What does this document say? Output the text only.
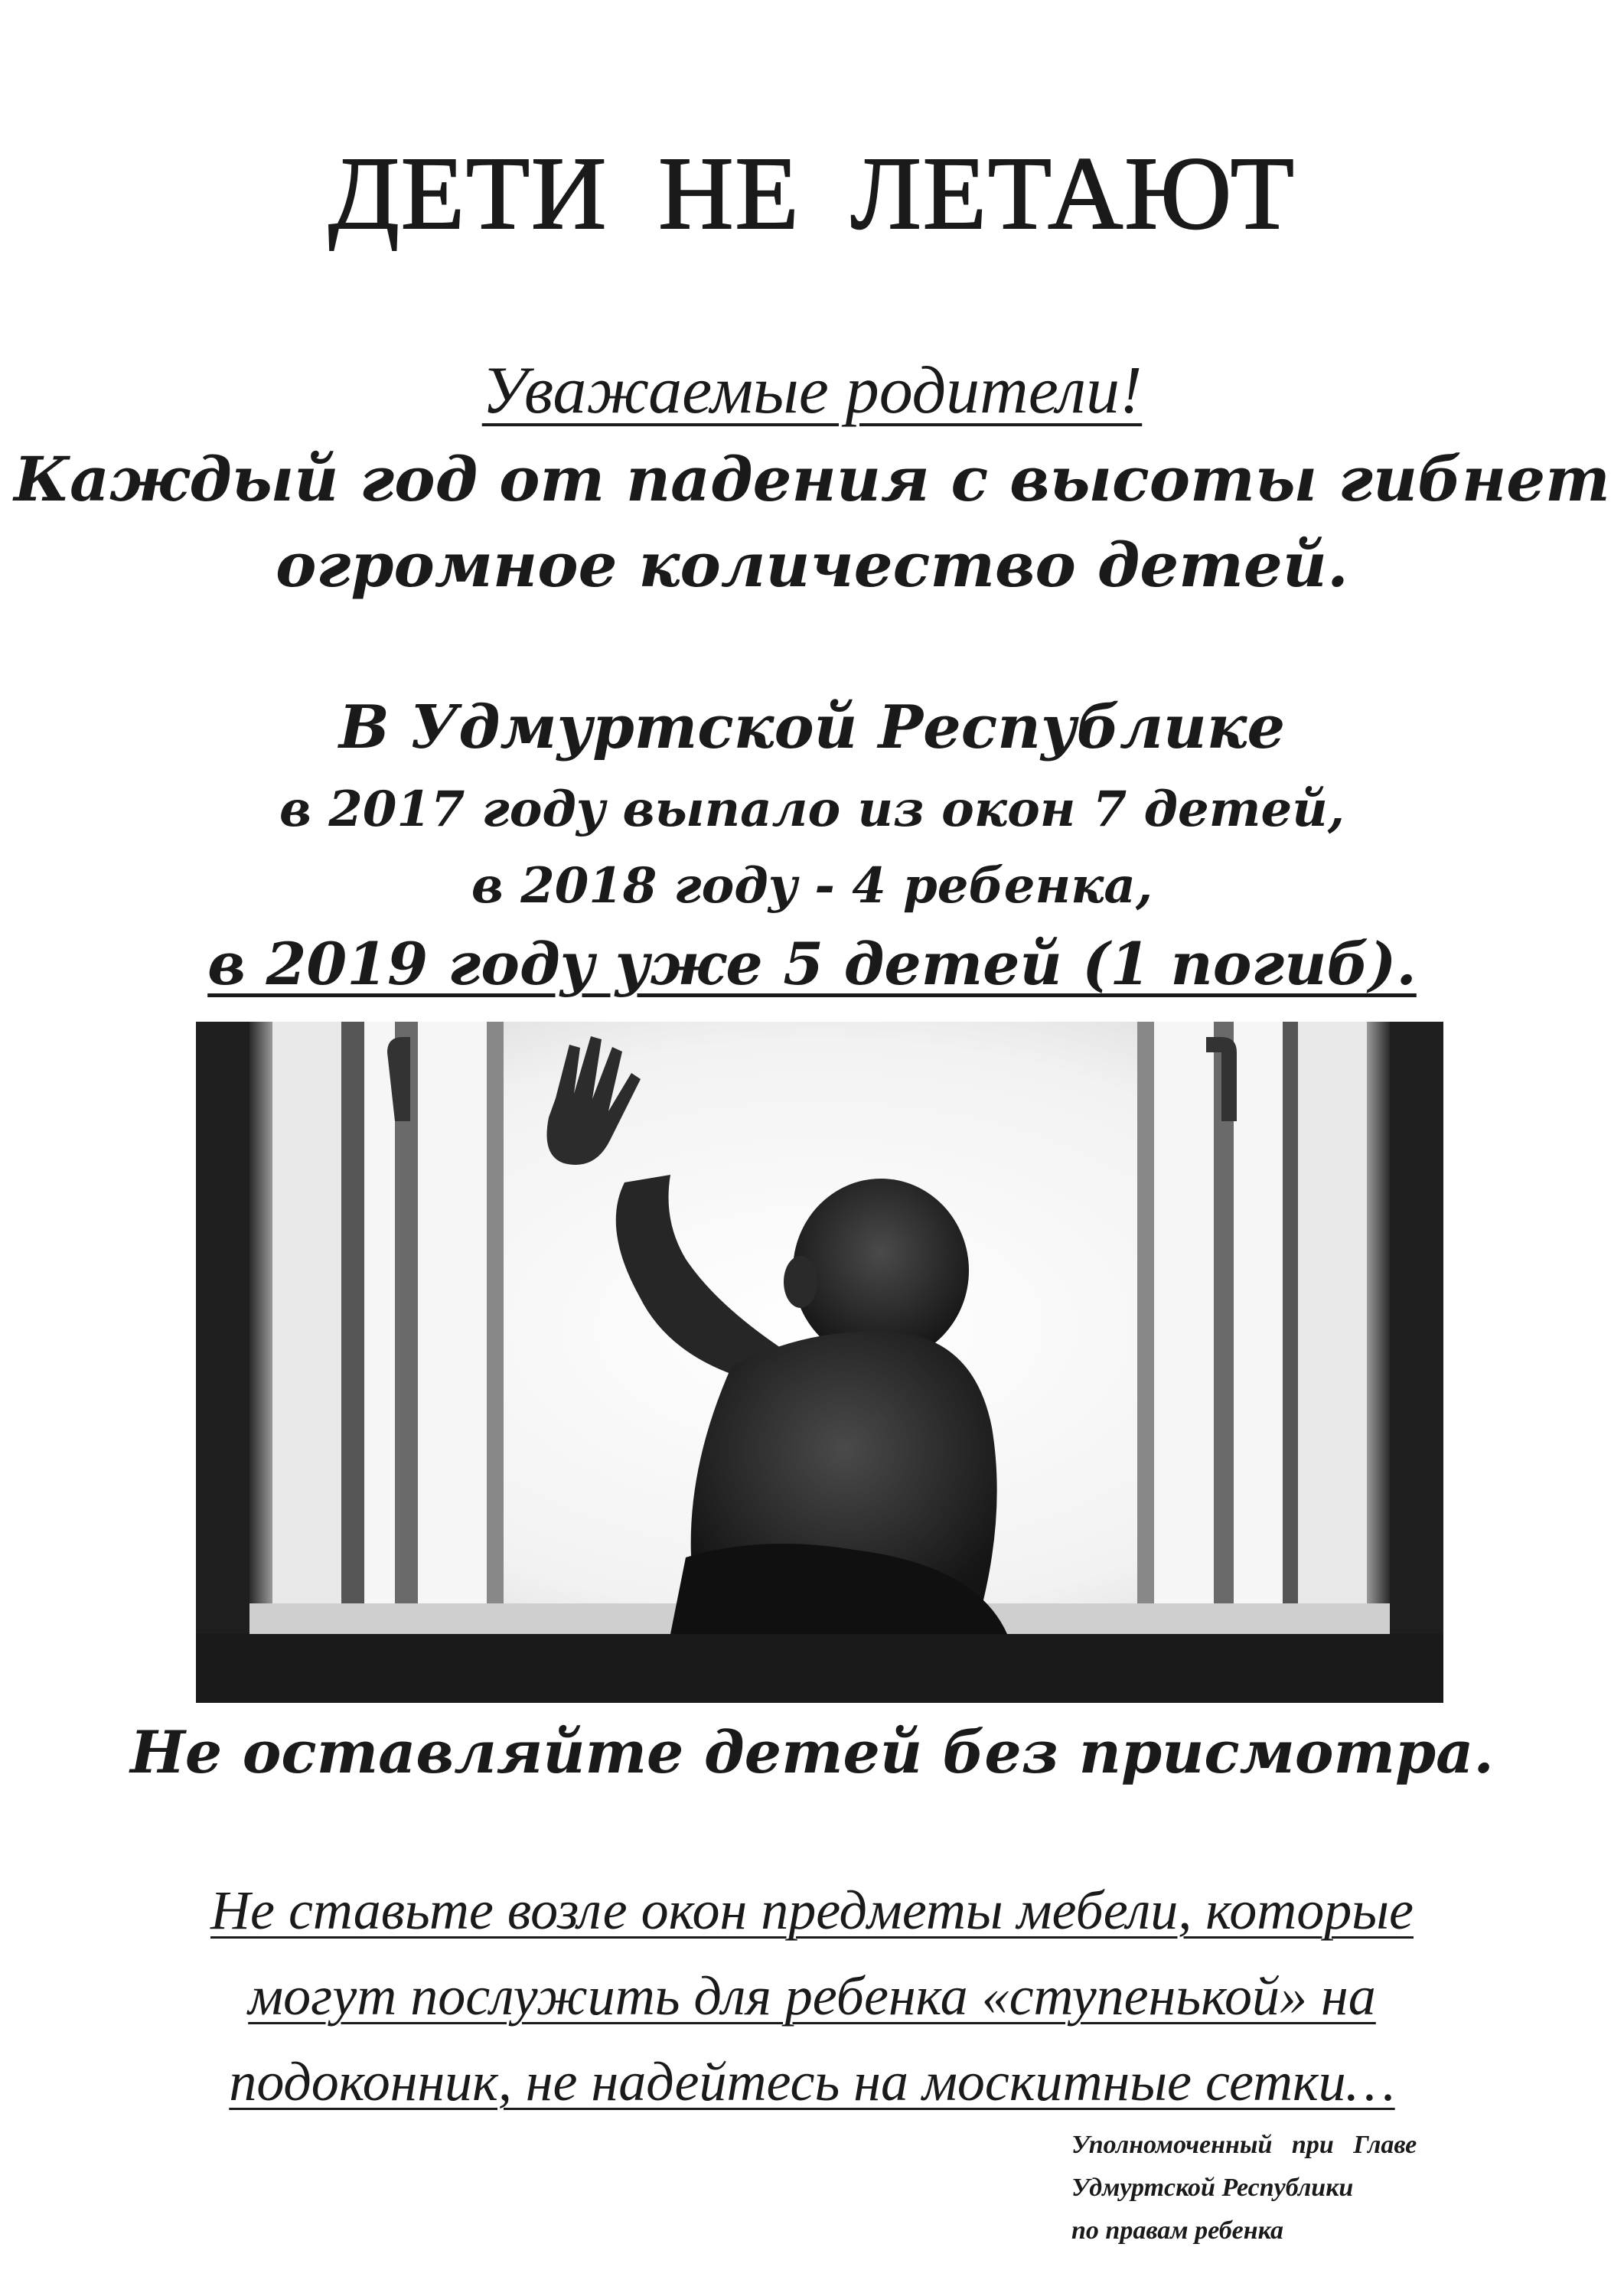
ДЕТИ НЕ ЛЕТАЮТ
Уважаемые родители!
Каждый год от падения с высоты гибнет
огромное количество детей.
В Удмуртской Республике
в 2017 году выпало из окон 7 детей,
в 2018 году - 4 ребенка,
в 2019 году уже 5 детей (1 погиб).
Не оставляйте детей без присмотра.
Не ставьте возле окон предметы мебели, которые
могут послужить для ребенка «ступенькой» на
подоконник, не надейтесь на москитные сетки…
Уполномоченный   при   Главе
Удмуртской Республики
по правам ребенка
